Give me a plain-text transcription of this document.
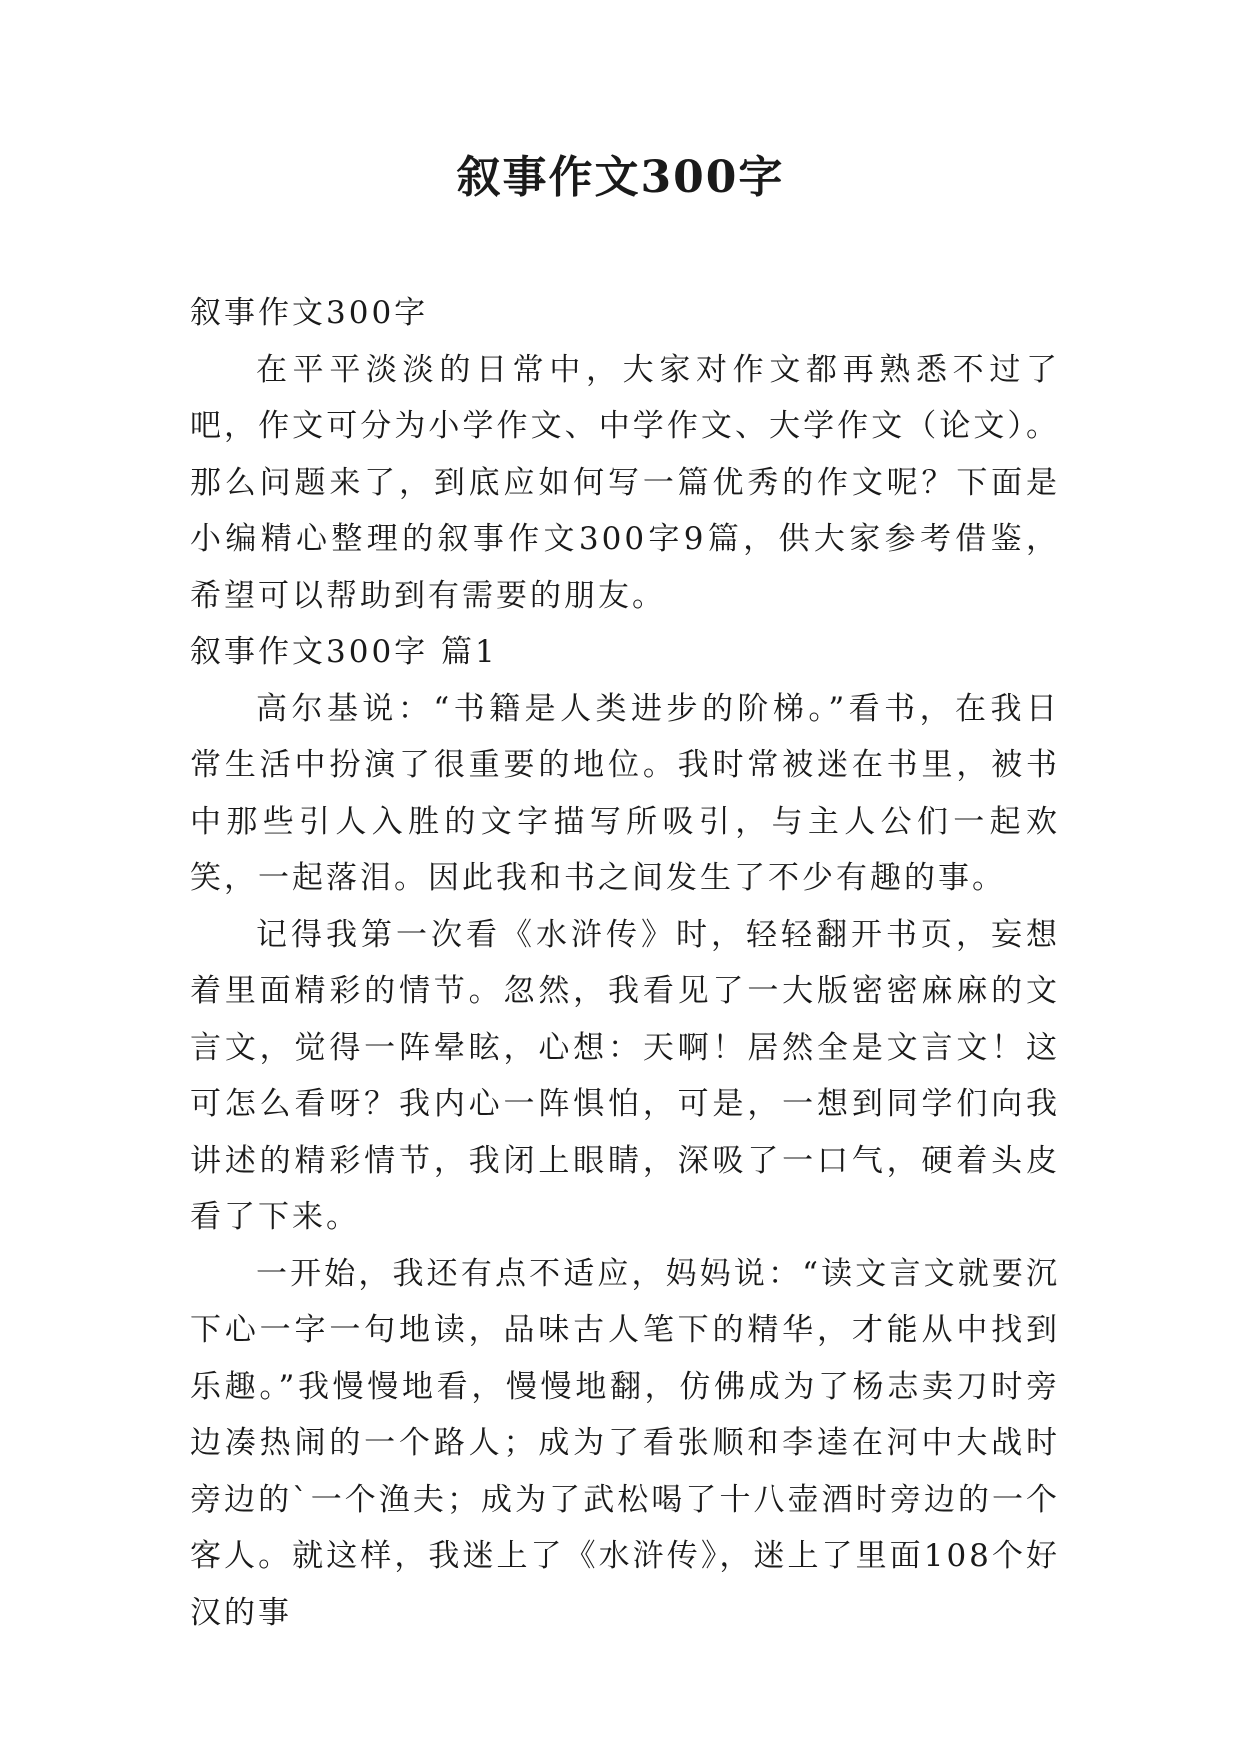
叙事作文300字

叙事作文300字

在平平淡淡的日常中，大家对作文都再熟悉不过了吧，作文可分为小学作文、中学作文、大学作文（论文）。那么问题来了，到底应如何写一篇优秀的作文呢？下面是小编精心整理的叙事作文300字9篇，供大家参考借鉴，希望可以帮助到有需要的朋友。

叙事作文300字 篇1

高尔基说：“书籍是人类进步的阶梯。”看书，在我日常生活中扮演了很重要的地位。我时常被迷在书里，被书中那些引人入胜的文字描写所吸引，与主人公们一起欢笑，一起落泪。因此我和书之间发生了不少有趣的事。

记得我第一次看《水浒传》时，轻轻翻开书页，妄想着里面精彩的情节。忽然，我看见了一大版密密麻麻的文言文，觉得一阵晕眩，心想：天啊！居然全是文言文！这可怎么看呀？我内心一阵惧怕，可是，一想到同学们向我讲述的精彩情节，我闭上眼睛，深吸了一口气，硬着头皮看了下来。

一开始，我还有点不适应，妈妈说：“读文言文就要沉下心一字一句地读，品味古人笔下的精华，才能从中找到乐趣。”我慢慢地看，慢慢地翻，仿佛成为了杨志卖刀时旁边凑热闹的一个路人；成为了看张顺和李逵在河中大战时旁边的`一个渔夫；成为了武松喝了十八壶酒时旁边的一个客人。就这样，我迷上了《水浒传》，迷上了里面108个好汉的事
